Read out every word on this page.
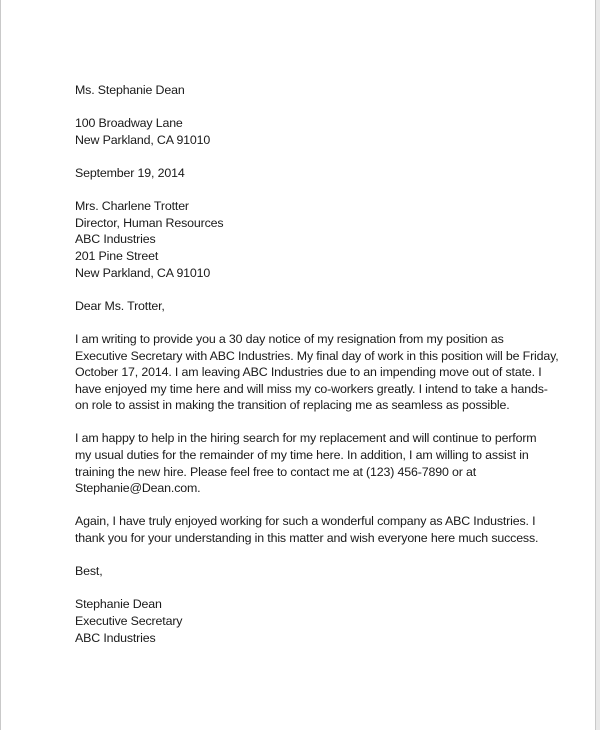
Ms. Stephanie Dean
100 Broadway Lane
New Parkland, CA 91010
September 19, 2014
Mrs. Charlene Trotter
Director, Human Resources
ABC Industries
201 Pine Street
New Parkland, CA 91010
Dear Ms. Trotter,
I am writing to provide you a 30 day notice of my resignation from my position as
Executive Secretary with ABC Industries. My final day of work in this position will be Friday,
October 17, 2014. I am leaving ABC Industries due to an impending move out of state. I
have enjoyed my time here and will miss my co-workers greatly. I intend to take a hands-
on role to assist in making the transition of replacing me as seamless as possible.
I am happy to help in the hiring search for my replacement and will continue to perform
my usual duties for the remainder of my time here. In addition, I am willing to assist in
training the new hire. Please feel free to contact me at (123) 456-7890 or at
Stephanie@Dean.com.
Again, I have truly enjoyed working for such a wonderful company as ABC Industries. I
thank you for your understanding in this matter and wish everyone here much success.
Best,
Stephanie Dean
Executive Secretary
ABC Industries
